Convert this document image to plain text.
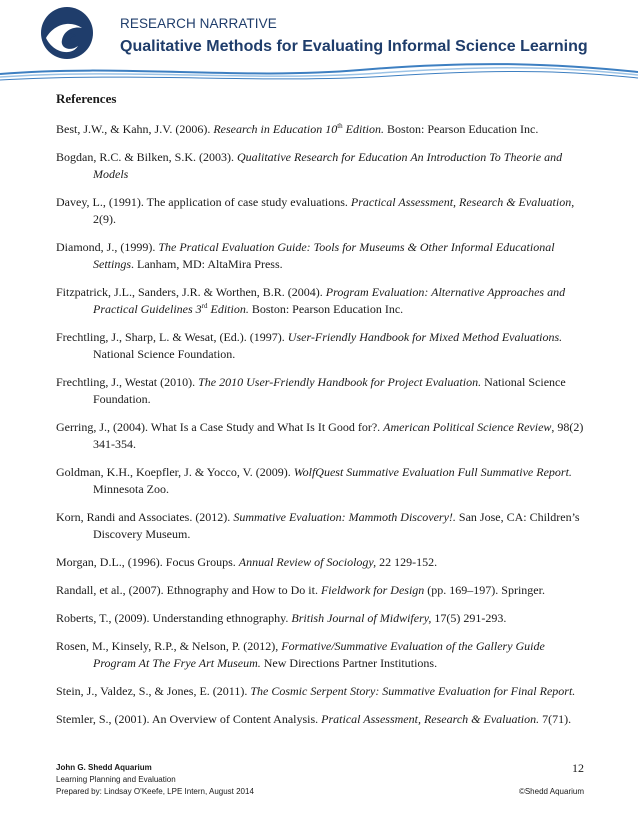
RESEARCH NARRATIVE
Qualitative Methods for Evaluating Informal Science Learning
References
Best, J.W., & Kahn, J.V. (2006). Research in Education 10th Edition. Boston: Pearson Education Inc.
Bogdan, R.C. & Bilken, S.K. (2003). Qualitative Research for Education An Introduction To Theorie and Models
Davey, L., (1991). The application of case study evaluations. Practical Assessment, Research & Evaluation, 2(9).
Diamond, J., (1999). The Pratical Evaluation Guide: Tools for Museums & Other Informal Educational Settings. Lanham, MD: AltaMira Press.
Fitzpatrick, J.L., Sanders, J.R. & Worthen, B.R. (2004). Program Evaluation: Alternative Approaches and Practical Guidelines 3rd Edition. Boston: Pearson Education Inc.
Frechtling, J., Sharp, L. & Wesat, (Ed.). (1997). User-Friendly Handbook for Mixed Method Evaluations. National Science Foundation.
Frechtling, J., Westat (2010). The 2010 User-Friendly Handbook for Project Evaluation. National Science Foundation.
Gerring, J., (2004). What Is a Case Study and What Is It Good for?. American Political Science Review, 98(2) 341-354.
Goldman, K.H., Koepfler, J. & Yocco, V. (2009). WolfQuest Summative Evaluation Full Summative Report. Minnesota Zoo.
Korn, Randi and Associates. (2012). Summative Evaluation: Mammoth Discovery!. San Jose, CA: Children’s Discovery Museum.
Morgan, D.L., (1996). Focus Groups. Annual Review of Sociology, 22 129-152.
Randall, et al., (2007). Ethnography and How to Do it. Fieldwork for Design (pp. 169–197). Springer.
Roberts, T., (2009). Understanding ethnography. British Journal of Midwifery, 17(5) 291-293.
Rosen, M., Kinsely, R.P., & Nelson, P. (2012), Formative/Summative Evaluation of the Gallery Guide Program At The Frye Art Museum. New Directions Partner Institutions.
Stein, J., Valdez, S., & Jones, E. (2011). The Cosmic Serpent Story: Summative Evaluation for Final Report.
Stemler, S., (2001). An Overview of Content Analysis. Pratical Assessment, Research & Evaluation. 7(71).
John G. Shedd Aquarium
Learning Planning and Evaluation
Prepared by: Lindsay O’Keefe, LPE Intern, August 2014
12
©Shedd Aquarium
